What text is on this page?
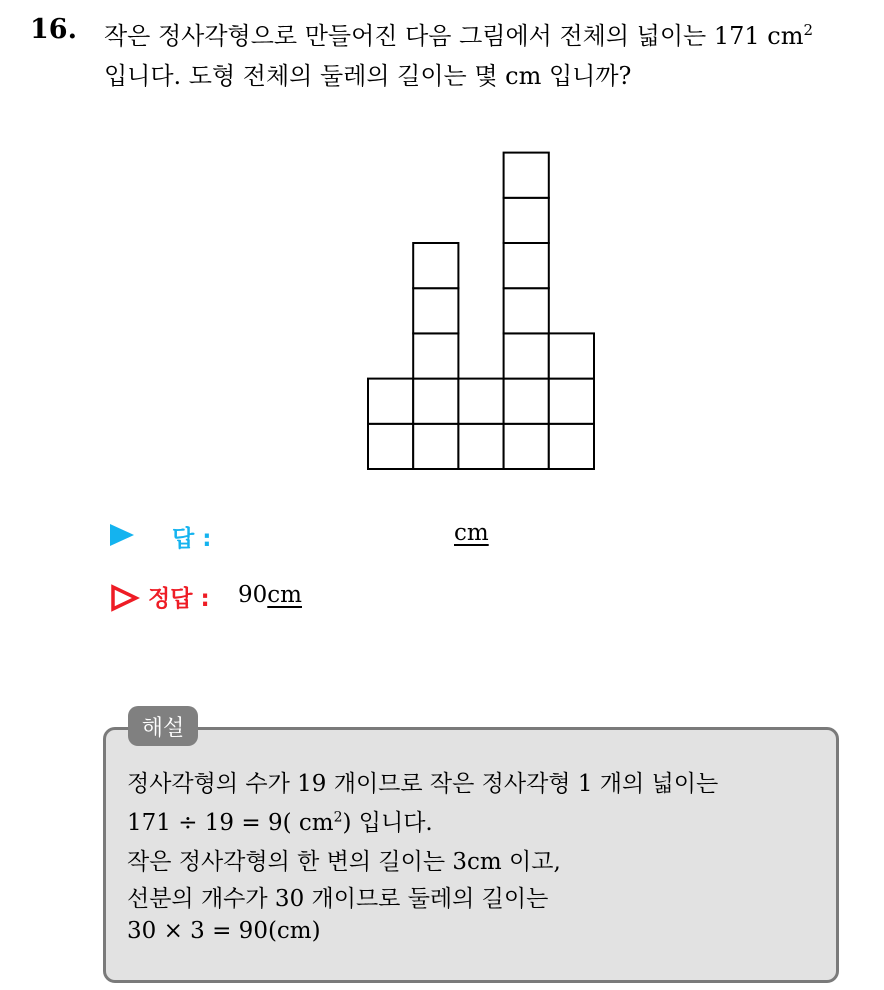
16. 작은 정사각형으로 만들어진 다음 그림에서 전체의 넓이는 171 $cm^2$
입니다. 도형 전체의 둘레의 길이는 몇 cm 입니까?
답 :	cm
정답 : 90cm
해설
정사각형의 수가 19 개이므로 작은 정사각형 1 개의 넓이는
171 ÷ 19 = 9( $cm^2$) 입니다.
작은 정사각형의 한 변의 길이는 3cm 이고,
선분의 개수가 30 개이므로 둘레의 길이는
30 × 3 = 90(cm)
